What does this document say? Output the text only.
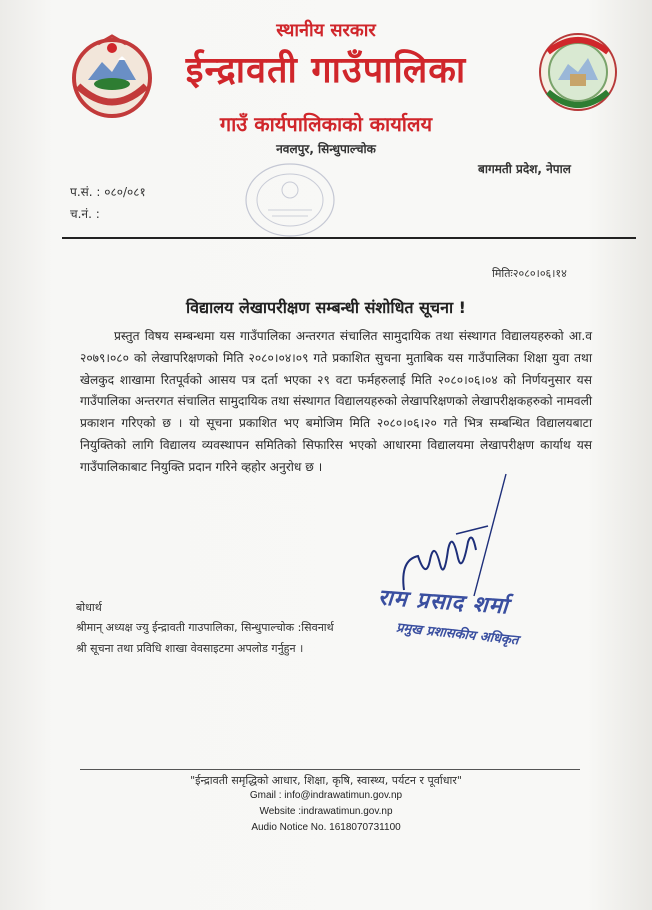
स्थानीय सरकार
ईन्द्रावती गाउँपालिका
गाउँ कार्यपालिकाको कार्यालय
नवलपुर, सिन्धुपाल्चोक
बागमती प्रदेश, नेपाल
प.सं. : ०८०/०८१
च.नं. :
मितिः२०८०।०६।१४
विद्यालय लेखापरीक्षण सम्बन्धी संशोधित सूचना !
प्रस्तुत विषय सम्बन्धमा यस गाउँपालिका अन्तरगत संचालित सामुदायिक तथा संस्थागत विद्यालयहरुको आ.व २०७९।०८० को लेखापरिक्षणको मिति २०८०।०४।०९ गते प्रकाशित सुचना मुताबिक यस गाउँपालिका शिक्षा युवा तथा खेलकुद शाखामा रितपूर्वको आसय पत्र दर्ता भएका २९ वटा फर्महरुलाई मिति २०८०।०६।०४ को निर्णयनुसार यस गाउँपालिका अन्तरगत संचालित सामुदायिक तथा संस्थागत विद्यालयहरुको लेखापरिक्षणको लेखापरीक्षकहरुको नामवली प्रकाशन गरिएको छ । यो सूचना प्रकाशित भए बमोजिम मिति २०८०।०६।२० गते भित्र सम्बन्धित विद्यालयबाटा नियुक्तिको लागि विद्यालय व्यवस्थापन समितिको सिफारिस भएको आधारमा विद्यालयमा लेखापरीक्षण कार्याथ यस गाउँपालिकाबाट नियुक्ति प्रदान गरिने व्हहोर अनुरोध छ ।
राम प्रसाद शर्मा
प्रमुख प्रशासकीय अधिकृत
बोधार्थ
श्रीमान् अध्यक्ष ज्यु ईन्द्रावती गाउपालिका, सिन्धुपाल्चोक :सिवनार्थ
श्री सूचना तथा प्रविधि शाखा वेवसाइटमा अपलोड गर्नुहुन ।
"ईन्द्रावती समृद्धिको आधार, शिक्षा, कृषि, स्वास्थ्य, पर्यटन र पूर्वाधार"
Gmail : info@indrawatimun.gov.np
Website :indrawatimun.gov.np
Audio Notice No. 1618070731100
